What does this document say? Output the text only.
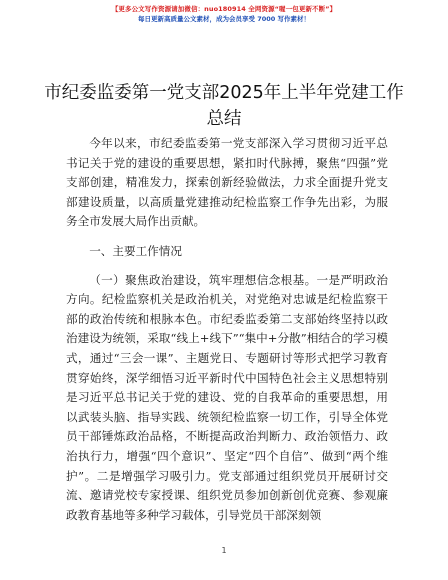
【更多公文写作资源请加微信：nuo180914 全网资源“喔一包更新不断”】
每日更新高质量公文素材，成为会员享受 7000 写作素材！
市纪委监委第一党支部2025年上半年党建工作总结

今年以来，市纪委监委第一党支部深入学习贯彻习近平总书记关于党的建设的重要思想，紧扣时代脉搏，聚焦“四强”党支部创建，精准发力，探索创新经验做法，力求全面提升党支部建设质量，以高质量党建推动纪检监察工作争先出彩，为服务全市发展大局作出贡献。

一、主要工作情况

（一）聚焦政治建设，筑牢理想信念根基。一是严明政治方向。纪检监察机关是政治机关，对党绝对忠诚是纪检监察干部的政治传统和根脉本色。市纪委监委第二支部始终坚持以政治建设为统领，采取“线上+线下”“集中+分散”相结合的学习模式，通过“三会一课”、主题党日、专题研讨等形式把学习教育贯穿始终，深学细悟习近平新时代中国特色社会主义思想特别是习近平总书记关于党的建设、党的自我革命的重要思想，用以武装头脑、指导实践、统领纪检监察一切工作，引导全体党员干部锤炼政治品格，不断提高政治判断力、政治领悟力、政治执行力，增强“四个意识”、坚定“四个自信”、做到“两个维护”。二是增强学习吸引力。党支部通过组织党员开展研讨交流、邀请党校专家授课、组织党员参加创新创优竞赛、参观廉政教育基地等多种学习载体，引导党员干部深刻领

1
